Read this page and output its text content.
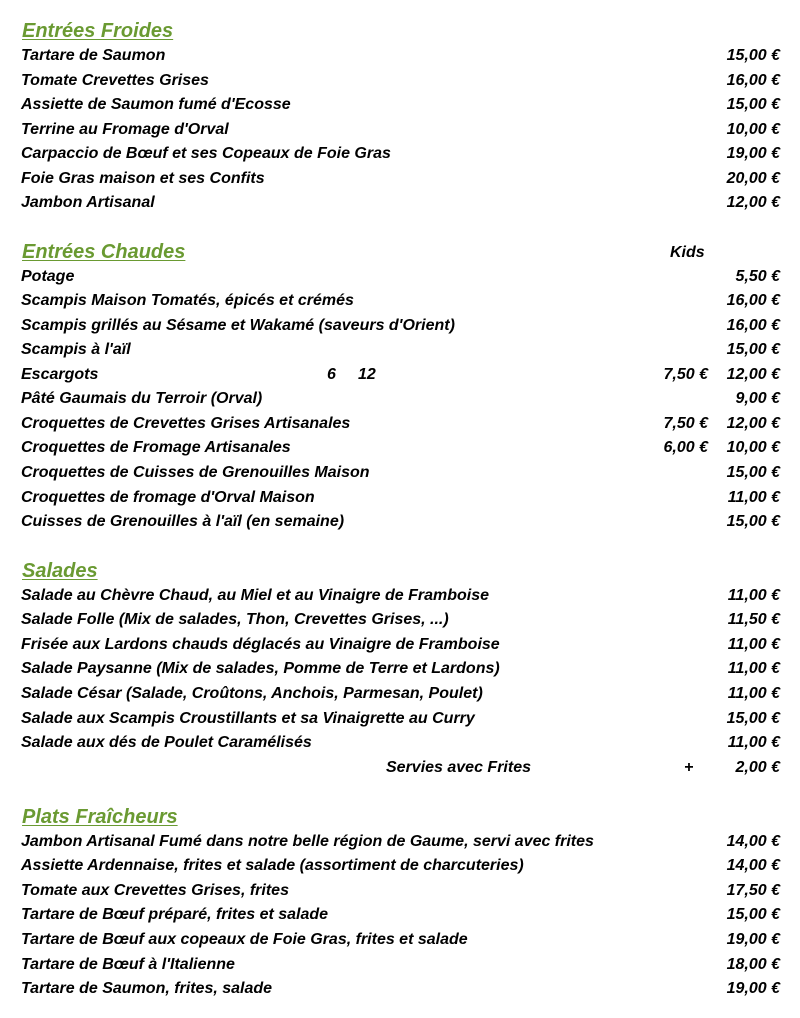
Entrées Froides
Tartare de Saumon	15,00 €
Tomate Crevettes Grises	16,00 €
Assiette de Saumon fumé d'Ecosse	15,00 €
Terrine au Fromage d'Orval	10,00 €
Carpaccio de Bœuf et ses Copeaux de Foie Gras	19,00 €
Foie Gras maison et ses Confits	20,00 €
Jambon Artisanal	12,00 €
Entrées Chaudes	Kids
Potage	5,50 €
Scampis Maison Tomatés, épicés et crémés	16,00 €
Scampis grillés au Sésame et Wakamé (saveurs d'Orient)	16,00 €
Scampis à l'aïl	15,00 €
Escargots	6 12	7,50 €	12,00 €
Pâté Gaumais du Terroir (Orval)	9,00 €
Croquettes de Crevettes Grises Artisanales	7,50 €	12,00 €
Croquettes de Fromage Artisanales	6,00 €	10,00 €
Croquettes de Cuisses de Grenouilles Maison	15,00 €
Croquettes de fromage d'Orval Maison	11,00 €
Cuisses de Grenouilles à l'aïl (en semaine)	15,00 €
Salades
Salade au Chèvre Chaud, au Miel et au Vinaigre de Framboise	11,00 €
Salade Folle (Mix de salades, Thon, Crevettes Grises, ...)	11,50 €
Frisée aux Lardons chauds déglacés au Vinaigre de Framboise	11,00 €
Salade Paysanne (Mix de salades, Pomme de Terre et Lardons)	11,00 €
Salade César (Salade, Croûtons, Anchois, Parmesan, Poulet)	11,00 €
Salade aux Scampis Croustillants et sa Vinaigrette au Curry	15,00 €
Salade aux dés de Poulet Caramélisés	11,00 €
Servies avec Frites	+	2,00 €
Plats Fraîcheurs
Jambon Artisanal Fumé dans notre belle région de Gaume, servi avec frites	14,00 €
Assiette Ardennaise, frites et salade (assortiment de charcuteries)	14,00 €
Tomate aux Crevettes Grises, frites	17,50 €
Tartare de Bœuf préparé, frites et salade	15,00 €
Tartare de Bœuf aux copeaux de Foie Gras, frites et salade	19,00 €
Tartare de Bœuf à l'Italienne	18,00 €
Tartare de Saumon, frites, salade	19,00 €
